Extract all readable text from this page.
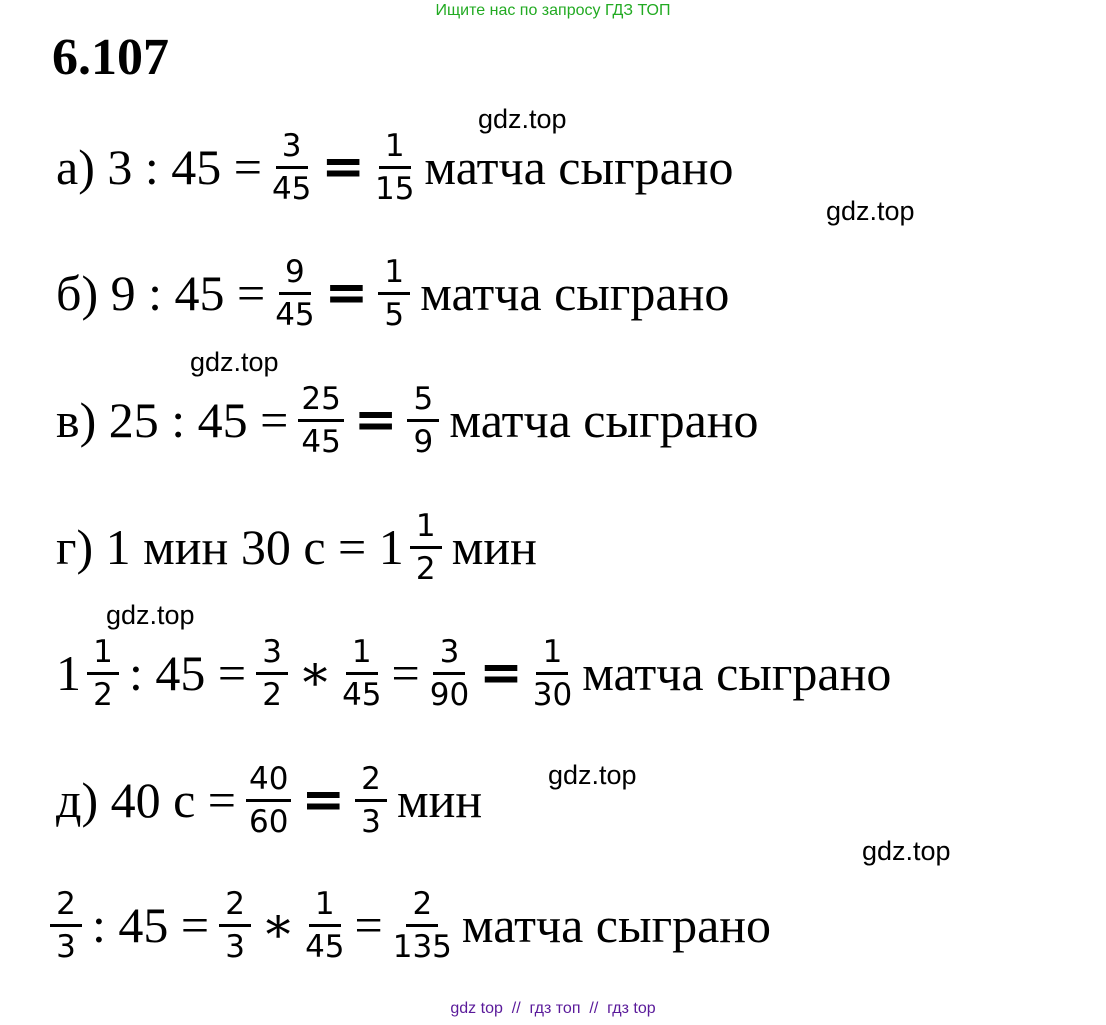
Ищите нас по запросу ГДЗ ТОП
6.107
а) 3 : $45 = \frac{3}{45} = \frac{1}{15}$ матча сыграно
б) 9 : $45 = \frac{9}{45} = \frac{1}{5}$ матча сыграно
в) 25 : $45 = \frac{25}{45} = \frac{5}{9}$ матча сыграно
г) 1 мин 30 $с = 1 \frac{1}{2}$ мин
$1 \frac{1}{2}$ : $45 = \frac{3}{2}$ ∗ $\frac{1}{45} = \frac{3}{90} = \frac{1}{30}$ матча сыграно
д) 40 $с = \frac{40}{60} = \frac{2}{3}$ мин
$\frac{2}{3}$ : $45 = \frac{2}{3}$ ∗ $\frac{1}{45} = \frac{2}{135}$ матча сыграно
gdz.top
gdz.top
gdz.top
gdz.top
gdz.top
gdz.top
gdz top  //  гдз топ  //  гдз top
